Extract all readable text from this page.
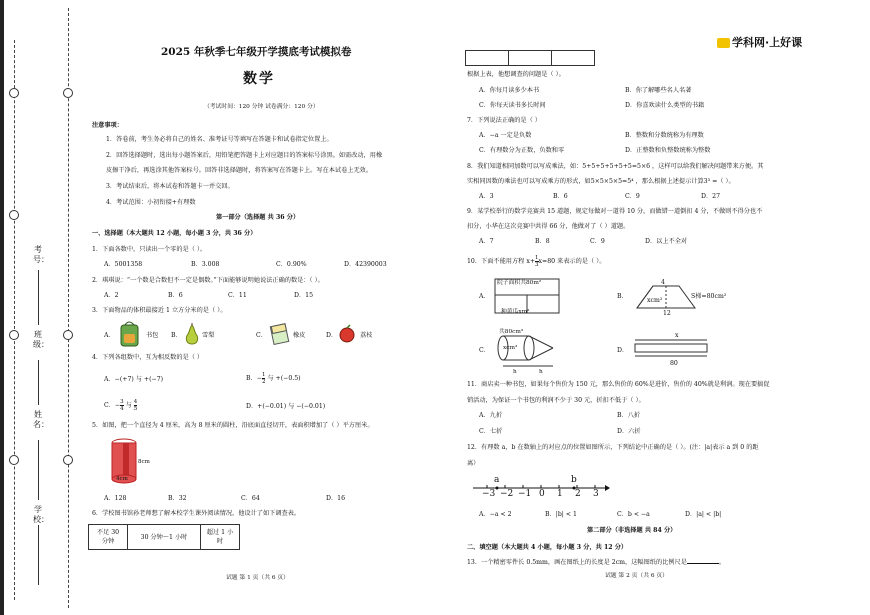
学校：
姓名：
班级：
考号：
学科网·上好课
2025 年秋季七年级开学摸底考试模拟卷
数学
（考试时间：120 分钟 试卷满分：120 分）
注意事项：
1．答卷前，考生务必将自己的姓名、准考证号等填写在答题卡和试卷指定位置上。
2．回答选择题时，选出每小题答案后，用铅笔把答题卡上对应题目的答案标号涂黑。如需改动，用橡
皮擦干净后，再选涂其他答案标号。回答非选择题时，将答案写在答题卡上。写在本试卷上无效。
3．考试结束后，将本试卷和答题卡一并交回。
4．考试范围：小初衔接+有理数
第一部分（选择题 共 36 分）
一、选择题（本大题共 12 小题，每小题 3 分，共 36 分）
1．下面各数中，只读出一个零的是（ ）。
A．5001358	B．3.008	C．0.90%	D．42390003
2．琪琪说：“一个数是合数但不一定是偶数。”下面能够说明她说法正确的数是：（ ）。
A．2	B．6	C．11	D．15
3．下面物品的体积最接近 1 立方分米的是（ ）。
A．	书包 B．	雪梨	C．	橡皮	D．	荔枝
4．下列各组数中，互为相反数的是（ ）
A．−(+7) 与 +(−7)	B．− $\frac{1}{2}$ 与 +(−0.5)
C．− $\frac{3}{4}$ 与 $\frac{4}{5}$	D．+(−0.01) 与 −(−0.01)
5．如图，把一个直径为 4 厘米，高为 8 厘米的圆柱，沿底面直径切开，表面积增加了（ ）平方厘米。
8cm
4cm
A．128	B．32	C．64	D．16
6．学校图书馆孙老师想了解本校学生课外阅读情况，他设计了如下调查表。
不足 30 分钟	30 分钟～1 小时	超过 1 小时
试题 第 1 页（共 6 页）

根据上表，他想调查的问题是（ ）。
A．你每月读多少本书	B．你了解哪些名人名著
C．你每天读书多长时间	D．你喜欢读什么类型的书籍
7．下列说法正确的是（ ）
A．−a 一定是负数	B．整数和分数统称为有理数
C．有理数分为正数，负数和零	D．正整数和负整数统称为整数
8．我们知道相同加数可以写成乘法，如：5+5+5+5+5+5=5×6 ，这样可以给我们解决问题带来方便。其
实相同因数的乘法也可以写成乘方的形式，如5×5×5×5=5⁴ ，那么根据上述提示计算3³ =（ ）。
A．3	B．6	C．9	D．27
9．某学校举行的数学竞赛共 15 道题，规定每做对一道得 10 分，而做错一道倒扣 4 分，不做则不得分也不
扣分，小华在这次竞赛中共得 66 分，他做对了（ ）道题。
A．7	B．8	C．9	D．以上不全对
10．下面不能用方程 $x+ \frac{1}{3} x=80$ 来表示的是（ ）。
A．
院子面积共80m²
种黄瓜xm²
B．
4
xcm²
12
S梯=80cm²
C．
共80cm³
xcm³
h	h
D．
x
80
11．商店卖一种书包，如果每个售价为 150 元，那么售价的 60%是进价，售价的 40%就是利润。现在要搞促
销活动，为保证一个书包的利润不少于 30 元，折扣不低于（ ）。
A．九折	B．八折
C．七折	D．六折
12．有理数 a，b 在数轴上的对应点的位置如图所示，下列结论中正确的是（ ）。(注：|a|表示 a 到 0 的距
离）
a	b
−3 −2 −1 0 1 2 3
A．−a < 2	B．|b| < 1	C．b < −a	D．|a| < |b|
第二部分（非选择题 共 84 分）
二、填空题（本大题共 4 小题，每小题 3 分，共 12 分）
13．一个精密零件长 0.5mm，画在图纸上的长度是 2cm，这幅图纸的比例尺是	。
试题 第 2 页（共 6 页）
